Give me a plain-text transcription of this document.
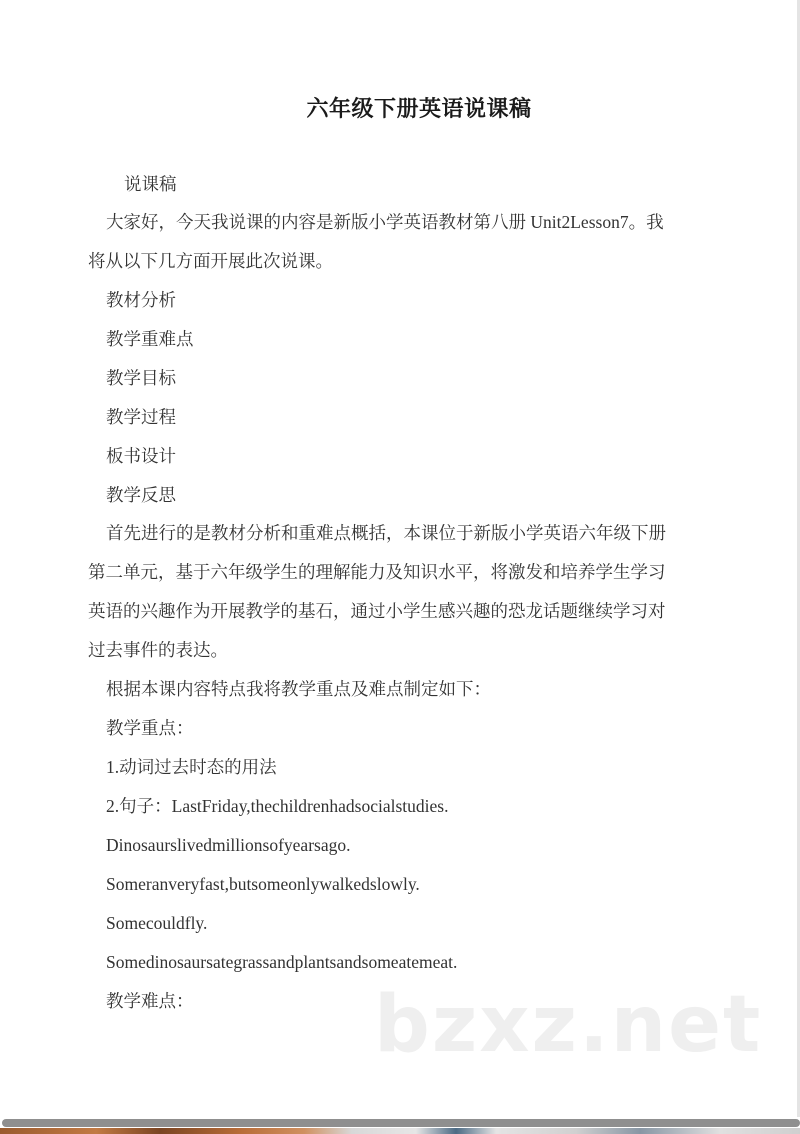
六年级下册英语说课稿
说课稿
大家好，今天我说课的内容是新版小学英语教材第八册 Unit2Lesson7。我
将从以下几方面开展此次说课。
教材分析
教学重难点
教学目标
教学过程
板书设计
教学反思
首先进行的是教材分析和重难点概括，本课位于新版小学英语六年级下册
第二单元，基于六年级学生的理解能力及知识水平，将激发和培养学生学习
英语的兴趣作为开展教学的基石，通过小学生感兴趣的恐龙话题继续学习对
过去事件的表达。
根据本课内容特点我将教学重点及难点制定如下：
教学重点：
1.动词过去时态的用法
2.句子：LastFriday,thechildrenhadsocialstudies.
Dinosaurslivedmillionsofyearsago.
Someranveryfast,butsomeonlywalkedslowly.
Somecouldfly.
Somedinosaursategrassandplantsandsomeatemeat.
教学难点： bzxz.net
